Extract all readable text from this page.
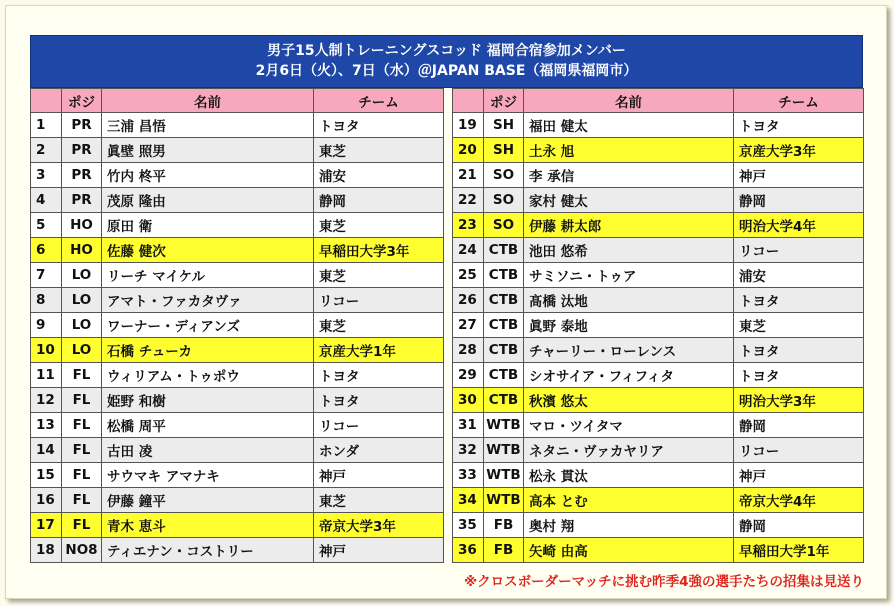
男子15人制トレーニングスコッド 福岡合宿参加メンバー
2月6日（火）、7日（水）＠JAPAN BASE（福岡県福岡市）
	ポジ	名前	チーム
1	PR	三浦 昌悟	トヨタ
2	PR	眞壁 照男	東芝
3	PR	竹内 柊平	浦安
4	PR	茂原 隆由	静岡
5	HO	原田 衛	東芝
6	HO	佐藤 健次	早稲田大学3年
7	LO	リーチ マイケル	東芝
8	LO	アマト・ファカタヴァ	リコー
9	LO	ワーナー・ディアンズ	東芝
10	LO	石橋 チューカ	京産大学1年
11	FL	ウィリアム・トゥポウ	トヨタ
12	FL	姫野 和樹	トヨタ
13	FL	松橋 周平	リコー
14	FL	古田 凌	ホンダ
15	FL	サウマキ アマナキ	神戸
16	FL	伊藤 鐘平	東芝
17	FL	青木 恵斗	帝京大学3年
18	NO8	ティエナン・コストリー	神戸
	ポジ	名前	チーム
19	SH	福田 健太	トヨタ
20	SH	土永 旭	京産大学3年
21	SO	李 承信	神戸
22	SO	家村 健太	静岡
23	SO	伊藤 耕太郎	明治大学4年
24	CTB	池田 悠希	リコー
25	CTB	サミソニ・トゥア	浦安
26	CTB	髙橋 汰地	トヨタ
27	CTB	眞野 泰地	東芝
28	CTB	チャーリー・ローレンス	トヨタ
29	CTB	シオサイア・フィフィタ	トヨタ
30	CTB	秋濱 悠太	明治大学3年
31	WTB	マロ・ツイタマ	静岡
32	WTB	ネタニ・ヴァカヤリア	リコー
33	WTB	松永 貫汰	神戸
34	WTB	高本 とむ	帝京大学4年
35	FB	奥村 翔	静岡
36	FB	矢崎 由高	早稲田大学1年
※クロスボーダーマッチに挑む昨季4強の選手たちの招集は見送り
